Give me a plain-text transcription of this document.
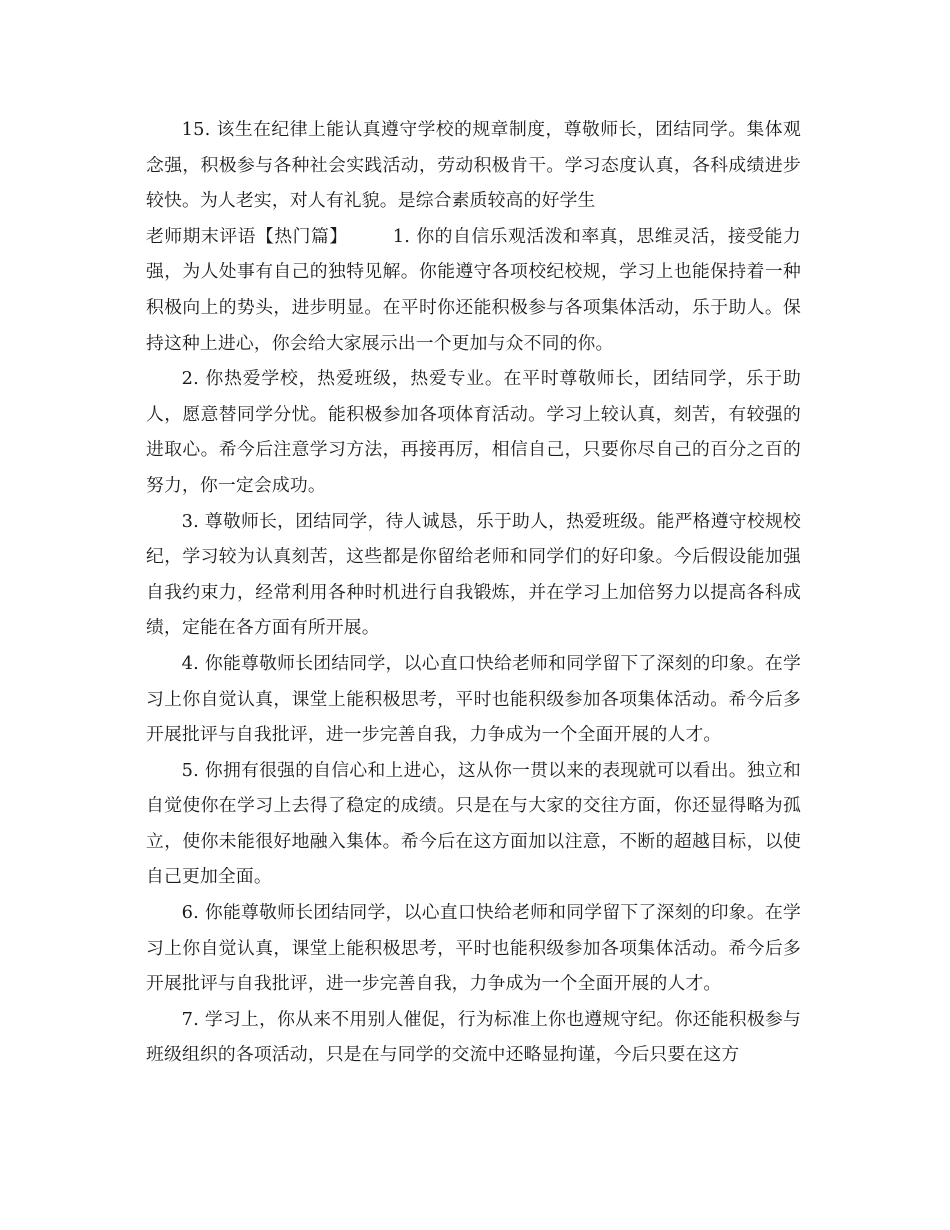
15. 该生在纪律上能认真遵守学校的规章制度，尊敬师长，团结同学。集体观念强，积极参与各种社会实践活动，劳动积极肯干。学习态度认真，各科成绩进步较快。为人老实，对人有礼貌。是综合素质较高的好学生

老师期末评语【热门篇】   	1. 你的自信乐观活泼和率真，思维灵活，接受能力强，为人处事有自己的独特见解。你能遵守各项校纪校规，学习上也能保持着一种积极向上的势头，进步明显。在平时你还能积极参与各项集体活动，乐于助人。保持这种上进心，你会给大家展示出一个更加与众不同的你。

2. 你热爱学校，热爱班级，热爱专业。在平时尊敬师长，团结同学，乐于助人，愿意替同学分忧。能积极参加各项体育活动。学习上较认真，刻苦，有较强的进取心。希今后注意学习方法，再接再厉，相信自己，只要你尽自己的百分之百的努力，你一定会成功。

3. 尊敬师长，团结同学，待人诚恳，乐于助人，热爱班级。能严格遵守校规校纪，学习较为认真刻苦，这些都是你留给老师和同学们的好印象。今后假设能加强自我约束力，经常利用各种时机进行自我锻炼，并在学习上加倍努力以提高各科成绩，定能在各方面有所开展。

4. 你能尊敬师长团结同学，以心直口快给老师和同学留下了深刻的印象。在学习上你自觉认真，课堂上能积极思考，平时也能积级参加各项集体活动。希今后多开展批评与自我批评，进一步完善自我，力争成为一个全面开展的人才。

5. 你拥有很强的自信心和上进心，这从你一贯以来的表现就可以看出。独立和自觉使你在学习上去得了稳定的成绩。只是在与大家的交往方面，你还显得略为孤立，使你未能很好地融入集体。希今后在这方面加以注意，不断的超越目标，以使自己更加全面。

6. 你能尊敬师长团结同学，以心直口快给老师和同学留下了深刻的印象。在学习上你自觉认真，课堂上能积极思考，平时也能积级参加各项集体活动。希今后多开展批评与自我批评，进一步完善自我，力争成为一个全面开展的人才。

7. 学习上，你从来不用别人催促，行为标准上你也遵规守纪。你还能积极参与班级组织的各项活动，只是在与同学的交流中还略显拘谨，今后只要在这方
